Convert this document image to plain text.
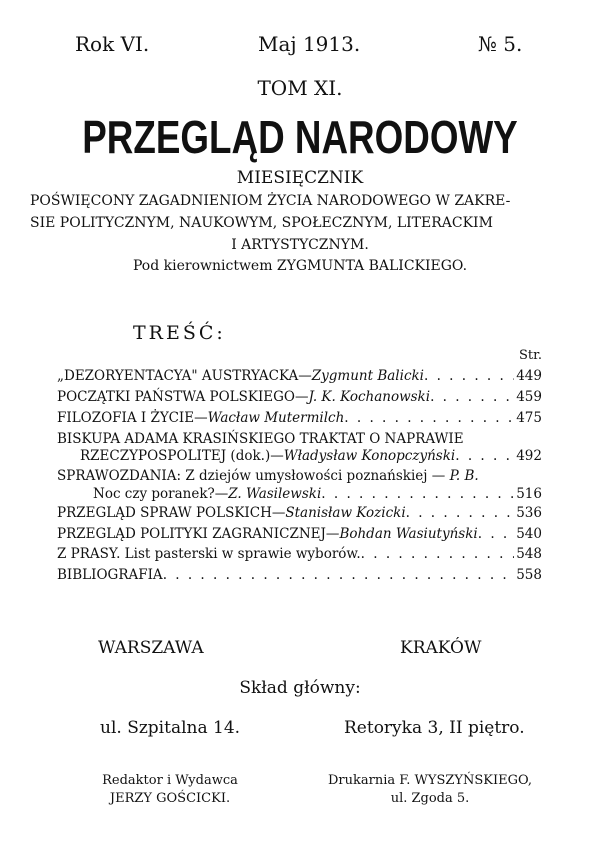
Rok VI.	Maj 1913.	№ 5.
TOM XI.
PRZEGLĄD NARODOWY
MIESIĘCZNIK
POŚWIĘCONY ZAGADNIENIOM ŻYCIA NARODOWEGO W ZAKRE-
SIE POLITYCZNYM, NAUKOWYM, SPOŁECZNYM, LITERACKIM
I ARTYSTYCZNYM.
Pod kierownictwem ZYGMUNTA BALICKIEGO.
TREŚĆ:
Str.
„DEZORYENTACYA" AUSTRYACKA— Zygmunt Balicki . . .	449
POCZĄTKI PAŃSTWA POLSKIEGO— J. K. Kochanowski . . .	459
FILOZOFIA I ŻYCIE— Wacław Mutermilch . . .	475
BISKUPA ADAMA KRASIŃSKIEGO TRAKTAT O NAPRAWIE
RZECZYPOSPOLITEJ (dok.)— Władysław Konopczyński . . .	492
SPRAWOZDANIA: Z dziejów umysłowości poznańskiej — P. B.
Noc czy poranek?— Z. Wasilewski . . .	516
PRZEGLĄD SPRAW POLSKICH— Stanisław Kozicki . . .	536
PRZEGLĄD POLITYKI ZAGRANICZNEJ— Bohdan Wasiutyński . . .	540
Z PRASY. List pasterski w sprawie wyborów. . . .	548
BIBLIOGRAFIA . . .	558
WARSZAWA	KRAKÓW
Skład główny:
ul. Szpitalna 14.	Retoryka 3, II piętro.
Redaktor i Wydawca
JERZY GOŚCICKI.
Drukarnia F. WYSZYŃSKIEGO,
ul. Zgoda 5.
